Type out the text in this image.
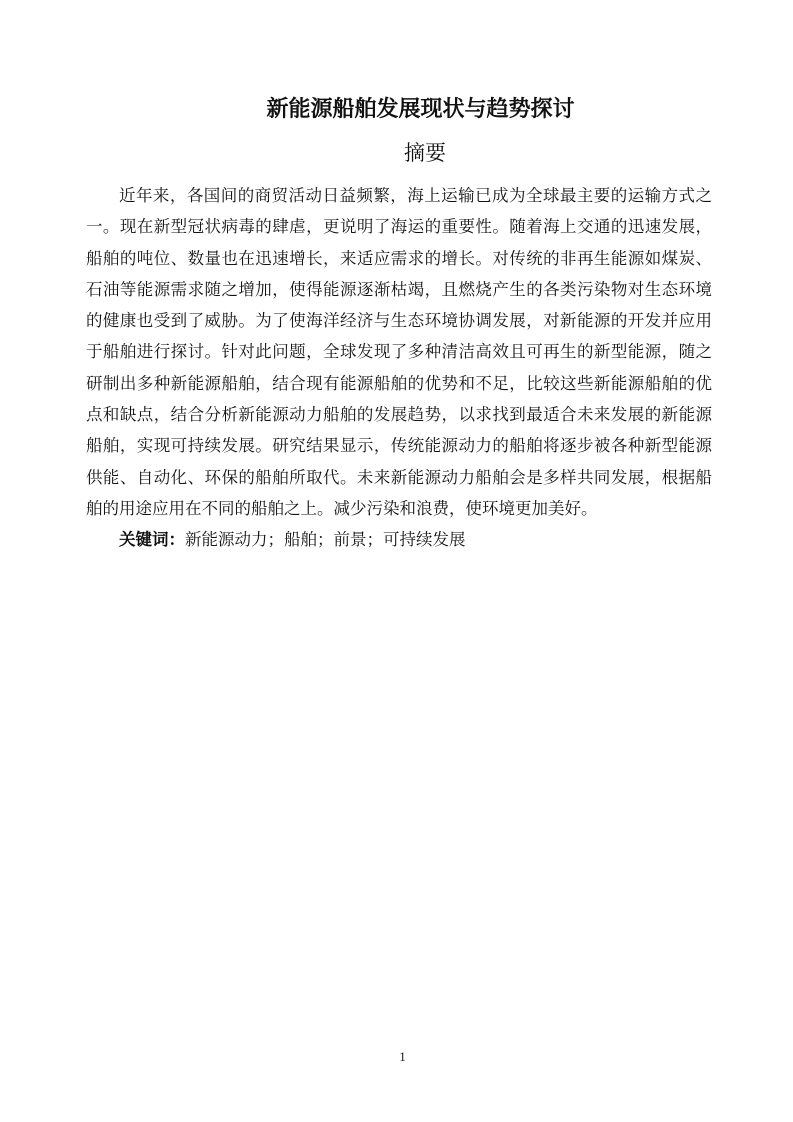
新能源船舶发展现状与趋势探讨
摘要

近年来，各国间的商贸活动日益频繁，海上运输已成为全球最主要的运输方式之一。现在新型冠状病毒的肆虐，更说明了海运的重要性。随着海上交通的迅速发展，船舶的吨位、数量也在迅速增长，来适应需求的增长。对传统的非再生能源如煤炭、石油等能源需求随之增加，使得能源逐渐枯竭，且燃烧产生的各类污染物对生态环境的健康也受到了威胁。为了使海洋经济与生态环境协调发展，对新能源的开发并应用于船舶进行探讨。针对此问题，全球发现了多种清洁高效且可再生的新型能源，随之研制出多种新能源船舶，结合现有能源船舶的优势和不足，比较这些新能源船舶的优点和缺点，结合分析新能源动力船舶的发展趋势，以求找到最适合未来发展的新能源船舶，实现可持续发展。研究结果显示，传统能源动力的船舶将逐步被各种新型能源供能、自动化、环保的船舶所取代。未来新能源动力船舶会是多样共同发展，根据船舶的用途应用在不同的船舶之上。减少污染和浪费，使环境更加美好。

关键词：新能源动力；船舶；前景；可持续发展

1
